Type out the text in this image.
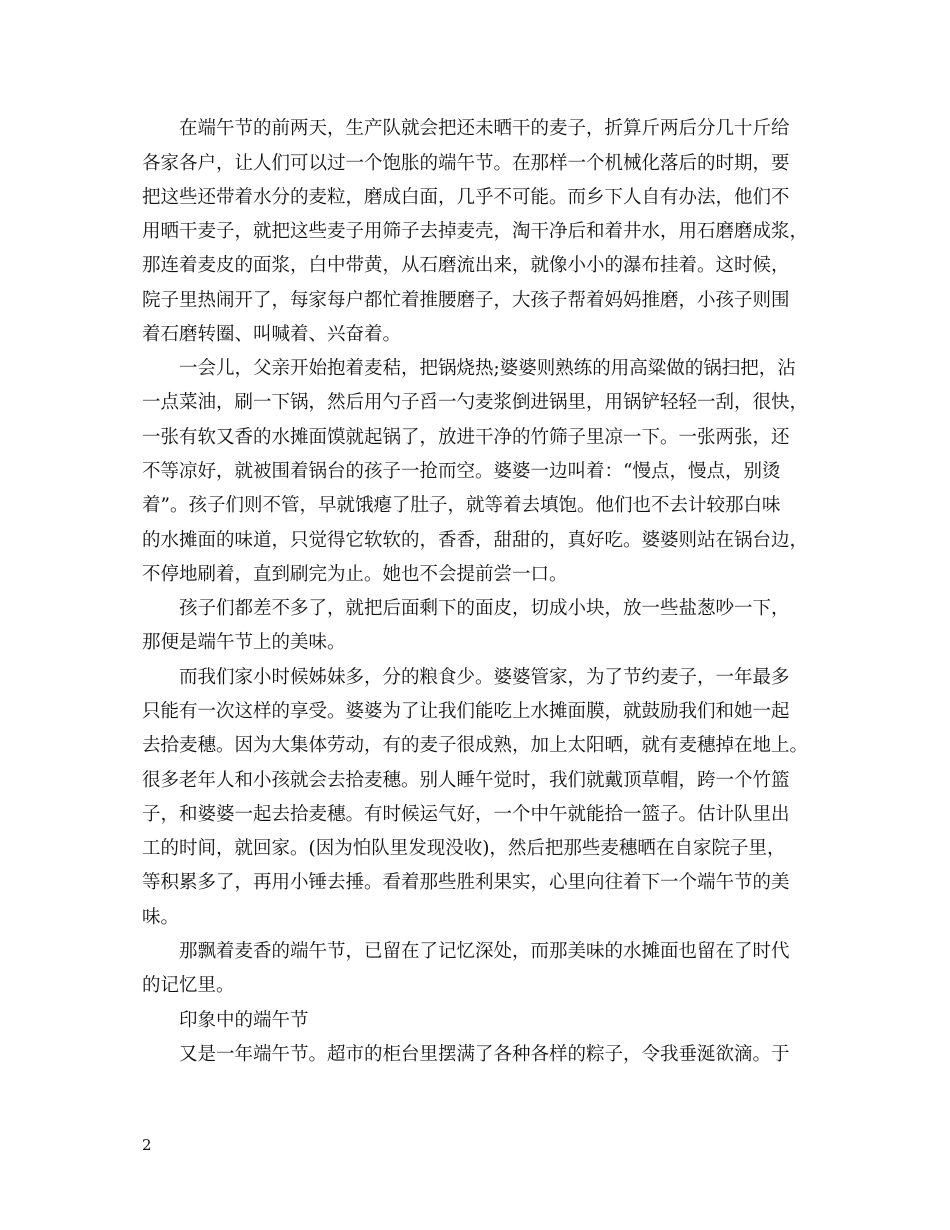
在端午节的前两天，生产队就会把还未晒干的麦子，折算斤两后分几十斤给
各家各户，让人们可以过一个饱胀的端午节。在那样一个机械化落后的时期，要
把这些还带着水分的麦粒，磨成白面，几乎不可能。而乡下人自有办法，他们不
用晒干麦子，就把这些麦子用筛子去掉麦壳，淘干净后和着井水，用石磨磨成浆，
那连着麦皮的面浆，白中带黄，从石磨流出来，就像小小的瀑布挂着。这时候，
院子里热闹开了，每家每户都忙着推腰磨子，大孩子帮着妈妈推磨，小孩子则围
着石磨转圈、叫喊着、兴奋着。
一会儿，父亲开始抱着麦秸，把锅烧热;婆婆则熟练的用高粱做的锅扫把，沾
一点菜油，刷一下锅，然后用勺子舀一勺麦浆倒进锅里，用锅铲轻轻一刮，很快，
一张有软又香的水摊面馍就起锅了，放进干净的竹筛子里凉一下。一张两张，还
不等凉好，就被围着锅台的孩子一抢而空。婆婆一边叫着：“慢点，慢点，别烫
着”。孩子们则不管，早就饿瘪了肚子，就等着去填饱。他们也不去计较那白味
的水摊面的味道，只觉得它软软的，香香，甜甜的，真好吃。婆婆则站在锅台边，
不停地刷着，直到刷完为止。她也不会提前尝一口。
孩子们都差不多了，就把后面剩下的面皮，切成小块，放一些盐葱吵一下，
那便是端午节上的美味。
而我们家小时候姊妹多，分的粮食少。婆婆管家，为了节约麦子，一年最多
只能有一次这样的享受。婆婆为了让我们能吃上水摊面膜，就鼓励我们和她一起
去拾麦穗。因为大集体劳动，有的麦子很成熟，加上太阳晒，就有麦穗掉在地上。
很多老年人和小孩就会去拾麦穗。别人睡午觉时，我们就戴顶草帽，跨一个竹篮
子，和婆婆一起去拾麦穗。有时候运气好，一个中午就能拾一篮子。估计队里出
工的时间，就回家。(因为怕队里发现没收)，然后把那些麦穗晒在自家院子里，
等积累多了，再用小锤去捶。看着那些胜利果实，心里向往着下一个端午节的美
味。
那飘着麦香的端午节，已留在了记忆深处，而那美味的水摊面也留在了时代
的记忆里。
印象中的端午节
又是一年端午节。超市的柜台里摆满了各种各样的粽子，令我垂涎欲滴。于
2
